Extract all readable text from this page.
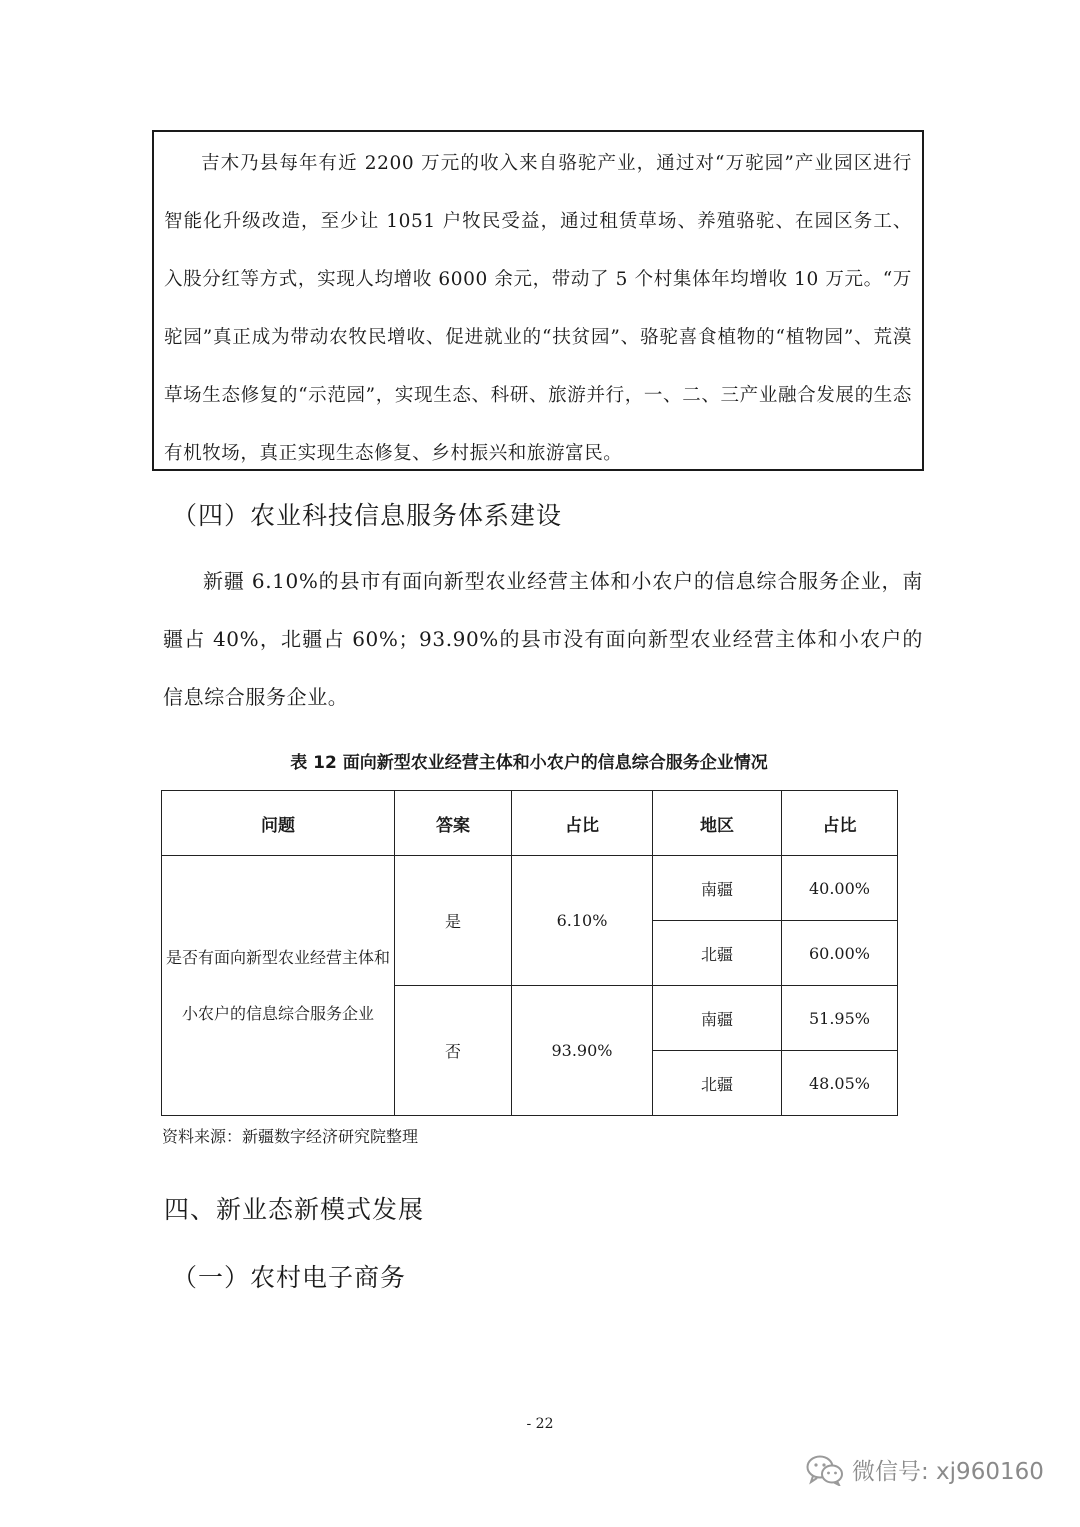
吉木乃县每年有近 2200 万元的收入来自骆驼产业，通过对“万驼园”产业园区进行智能化升级改造，至少让 1051 户牧民受益，通过租赁草场、养殖骆驼、在园区务工、入股分红等方式，实现人均增收 6000 余元，带动了 5 个村集体年均增收 10 万元。“万驼园”真正成为带动农牧民增收、促进就业的“扶贫园”、骆驼喜食植物的“植物园”、荒漠草场生态修复的“示范园”，实现生态、科研、旅游并行，一、二、三产业融合发展的生态有机牧场，真正实现生态修复、乡村振兴和旅游富民。

（四）农业科技信息服务体系建设

新疆 6.10%的县市有面向新型农业经营主体和小农户的信息综合服务企业，南疆占 40%，北疆占 60%；93.90%的县市没有面向新型农业经营主体和小农户的信息综合服务企业。

表 12 面向新型农业经营主体和小农户的信息综合服务企业情况

问题	答案	占比	地区	占比
是否有面向新型农业经营主体和小农户的信息综合服务企业	是	6.10%	南疆	40.00%
			北疆	60.00%
	否	93.90%	南疆	51.95%
			北疆	48.05%

资料来源：新疆数字经济研究院整理

四、新业态新模式发展
（一）农村电子商务

- 22

微信号: xj960160
